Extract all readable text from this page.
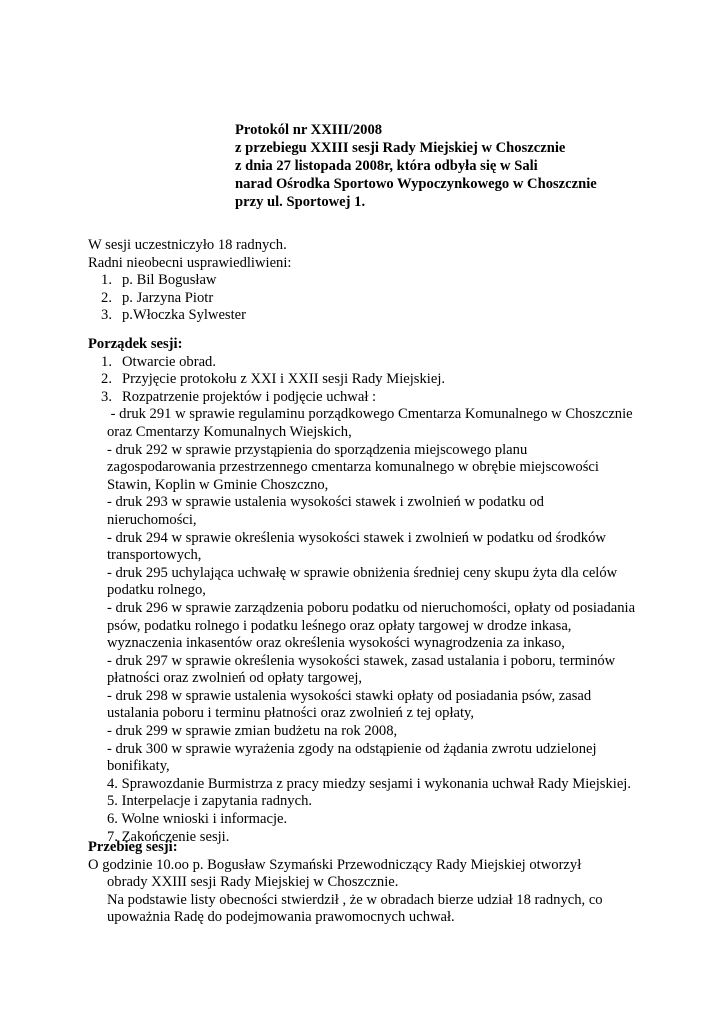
Protokól nr XXIII/2008
z przebiegu XXIII sesji Rady Miejskiej w Choszcznie
z dnia 27 listopada 2008r, która odbyła się w Sali
narad Ośrodka Sportowo Wypoczynkowego w Choszcznie
przy ul. Sportowej 1.
W sesji uczestniczyło 18 radnych.
Radni nieobecni usprawiedliwieni:
1. p. Bil Bogusław
2. p. Jarzyna Piotr
3. p.Włoczka Sylwester
Porządek sesji:
1. Otwarcie obrad.
2. Przyjęcie protokołu z XXI i XXII sesji Rady Miejskiej.
3. Rozpatrzenie projektów i podjęcie uchwał :
- druk 291 w sprawie regulaminu porządkowego Cmentarza Komunalnego w Choszcznie
oraz Cmentarzy Komunalnych Wiejskich,
- druk 292 w sprawie przystąpienia do sporządzenia miejscowego planu
zagospodarowania przestrzennego cmentarza komunalnego w obrębie miejscowości
Stawin, Koplin w Gminie Choszczno,
- druk 293 w sprawie ustalenia wysokości stawek i zwolnień w podatku od
nieruchomości,
- druk 294 w sprawie określenia wysokości stawek i zwolnień w podatku od środków
transportowych,
- druk 295 uchylająca uchwałę w sprawie obniżenia średniej ceny skupu żyta dla celów
podatku rolnego,
- druk 296 w sprawie zarządzenia poboru podatku od nieruchomości, opłaty od posiadania
psów, podatku rolnego i podatku leśnego oraz opłaty targowej w drodze inkasa,
wyznaczenia inkasentów oraz określenia wysokości wynagrodzenia za inkaso,
- druk 297 w sprawie określenia wysokości stawek, zasad ustalania i poboru, terminów
płatności oraz zwolnień od opłaty targowej,
- druk 298 w sprawie ustalenia wysokości stawki opłaty od posiadania psów, zasad
ustalania poboru i terminu płatności oraz zwolnień z tej opłaty,
- druk 299 w sprawie zmian budżetu na rok 2008,
- druk 300 w sprawie wyrażenia zgody na odstąpienie od żądania zwrotu udzielonej
bonifikaty,
4. Sprawozdanie Burmistrza z pracy miedzy sesjami i wykonania uchwał Rady Miejskiej.
5. Interpelacje i zapytania radnych.
6. Wolne wnioski i informacje.
7. Zakończenie sesji.
Przebieg sesji:
O godzinie 10.oo p. Bogusław Szymański Przewodniczący Rady Miejskiej otworzył
obrady XXIII sesji Rady Miejskiej w Choszcznie.
Na podstawie listy obecności stwierdził , że w obradach bierze udział 18 radnych, co
upoważnia Radę do podejmowania prawomocnych uchwał.
